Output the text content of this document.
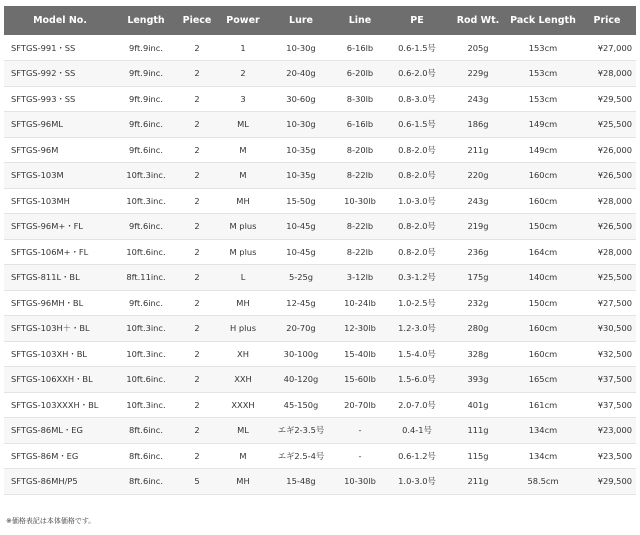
Model No.	Length	Piece	Power	Lure	Line	PE	Rod Wt.	Pack Length	Price
SFTGS-991・SS	9ft.9inc.	2	1	10-30g	6-16lb	0.6-1.5号	205g	153cm	¥27,000
SFTGS-992・SS	9ft.9inc.	2	2	20-40g	6-20lb	0.6-2.0号	229g	153cm	¥28,000
SFTGS-993・SS	9ft.9inc.	2	3	30-60g	8-30lb	0.8-3.0号	243g	153cm	¥29,500
SFTGS-96ML	9ft.6inc.	2	ML	10-30g	6-16lb	0.6-1.5号	186g	149cm	¥25,500
SFTGS-96M	9ft.6inc.	2	M	10-35g	8-20lb	0.8-2.0号	211g	149cm	¥26,000
SFTGS-103M	10ft.3inc.	2	M	10-35g	8-22lb	0.8-2.0号	220g	160cm	¥26,500
SFTGS-103MH	10ft.3inc.	2	MH	15-50g	10-30lb	1.0-3.0号	243g	160cm	¥28,000
SFTGS-96M+・FL	9ft.6inc.	2	M plus	10-45g	8-22lb	0.8-2.0号	219g	150cm	¥26,500
SFTGS-106M+・FL	10ft.6inc.	2	M plus	10-45g	8-22lb	0.8-2.0号	236g	164cm	¥28,000
SFTGS-811L・BL	8ft.11inc.	2	L	5-25g	3-12lb	0.3-1.2号	175g	140cm	¥25,500
SFTGS-96MH・BL	9ft.6inc.	2	MH	12-45g	10-24lb	1.0-2.5号	232g	150cm	¥27,500
SFTGS-103H＋・BL	10ft.3inc.	2	H plus	20-70g	12-30lb	1.2-3.0号	280g	160cm	¥30,500
SFTGS-103XH・BL	10ft.3inc.	2	XH	30-100g	15-40lb	1.5-4.0号	328g	160cm	¥32,500
SFTGS-106XXH・BL	10ft.6inc.	2	XXH	40-120g	15-60lb	1.5-6.0号	393g	165cm	¥37,500
SFTGS-103XXXH・BL	10ft.3inc.	2	XXXH	45-150g	20-70lb	2.0-7.0号	401g	161cm	¥37,500
SFTGS-86ML・EG	8ft.6inc.	2	ML	エギ2-3.5号	-	0.4-1号	111g	134cm	¥23,000
SFTGS-86M・EG	8ft.6inc.	2	M	エギ2.5-4号	-	0.6-1.2号	115g	134cm	¥23,500
SFTGS-86MH/P5	8ft.6inc.	5	MH	15-48g	10-30lb	1.0-3.0号	211g	58.5cm	¥29,500
※価格表記は本体価格です。
